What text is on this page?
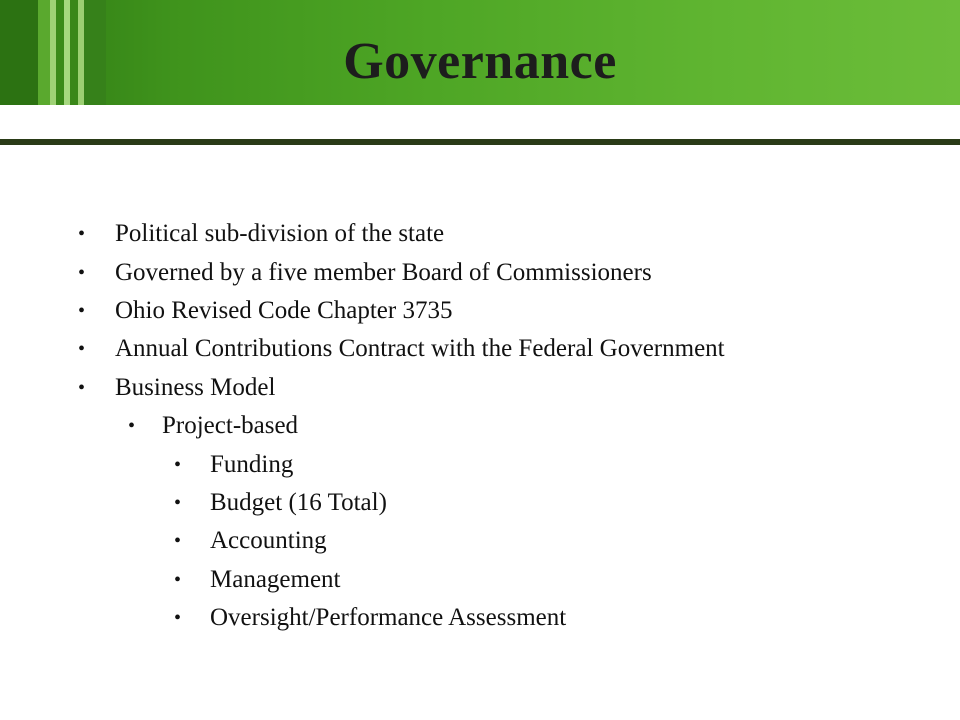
Governance
• Political sub-division of the state
• Governed by a five member Board of Commissioners
• Ohio Revised Code Chapter 3735
• Annual Contributions Contract with the Federal Government
• Business Model
• Project-based
• Funding
• Budget (16 Total)
• Accounting
• Management
• Oversight/Performance Assessment
